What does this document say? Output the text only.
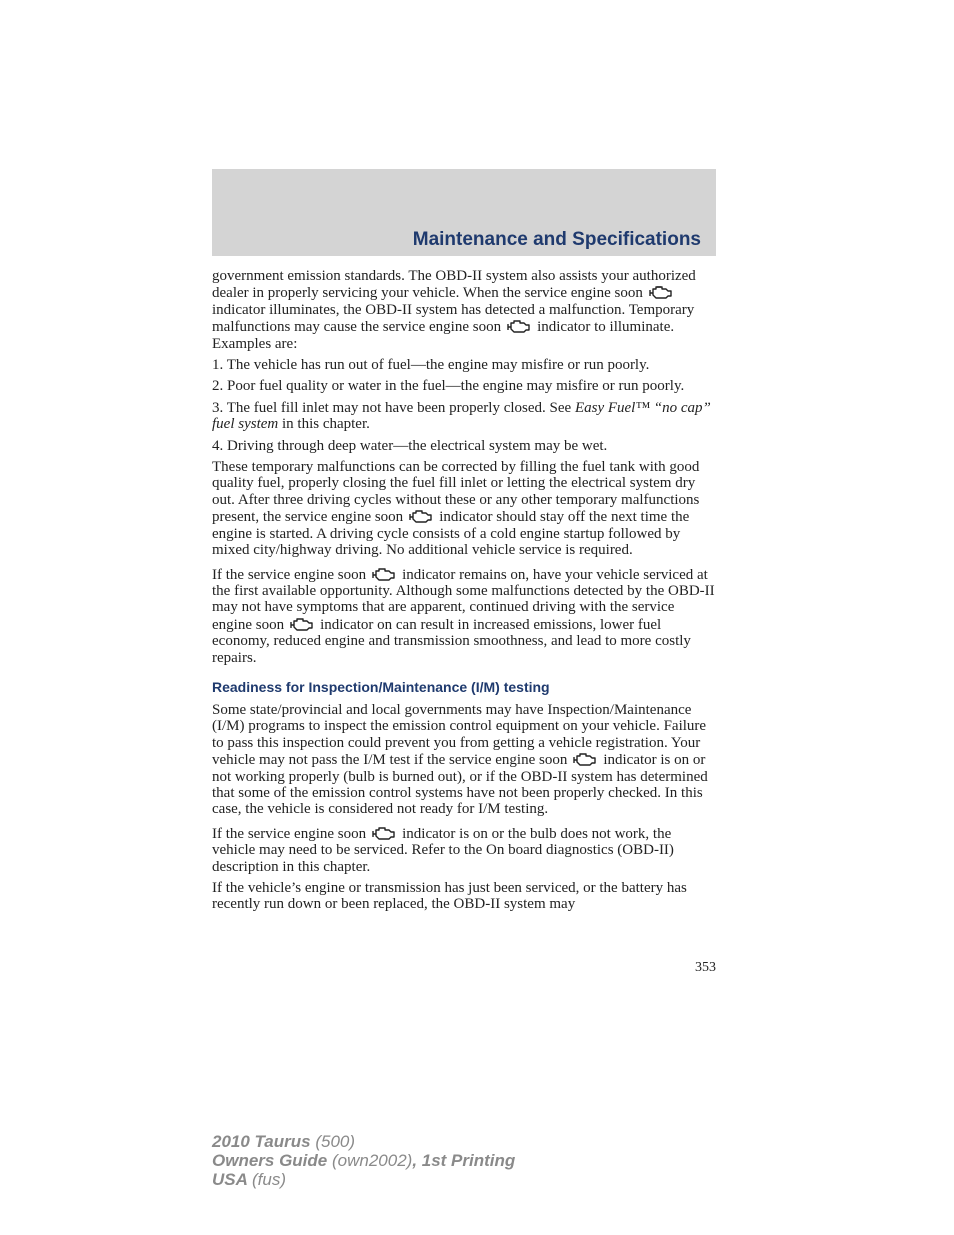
Maintenance and Specifications

government emission standards. The OBD-II system also assists your authorized dealer in properly servicing your vehicle. When the service engine soon
indicator illuminates, the OBD-II system has detected a malfunction. Temporary malfunctions may cause the service engine soon indicator to illuminate. Examples are:

1. The vehicle has run out of fuel—the engine may misfire or run poorly.

2. Poor fuel quality or water in the fuel—the engine may misfire or run poorly.

3. The fuel fill inlet may not have been properly closed. See Easy Fuel™ “no cap” fuel system in this chapter.

4. Driving through deep water—the electrical system may be wet.

These temporary malfunctions can be corrected by filling the fuel tank with good quality fuel, properly closing the fuel fill inlet or letting the electrical system dry out. After three driving cycles without these or any other temporary malfunctions present, the service engine soon indicator should stay off the next time the engine is started. A driving cycle consists of a cold engine startup followed by mixed city/highway driving. No additional vehicle service is required.

If the service engine soon indicator remains on, have your vehicle serviced at the first available opportunity. Although some malfunctions detected by the OBD-II may not have symptoms that are apparent, continued driving with the service engine soon indicator on can result in increased emissions, lower fuel economy, reduced engine and transmission smoothness, and lead to more costly repairs.

Readiness for Inspection/Maintenance (I/M) testing

Some state/provincial and local governments may have Inspection/Maintenance (I/M) programs to inspect the emission control equipment on your vehicle. Failure to pass this inspection could prevent you from getting a vehicle registration. Your vehicle may not pass the I/M test if the service engine soon indicator is on or not working properly (bulb is burned out), or if the OBD-II system has determined that some of the emission control systems have not been properly checked. In this case, the vehicle is considered not ready for I/M testing.

If the service engine soon indicator is on or the bulb does not work, the vehicle may need to be serviced. Refer to the On board diagnostics (OBD-II) description in this chapter.

If the vehicle’s engine or transmission has just been serviced, or the battery has recently run down or been replaced, the OBD-II system may

353
2010 Taurus (500)
Owners Guide (own2002), 1st Printing
USA (fus)
